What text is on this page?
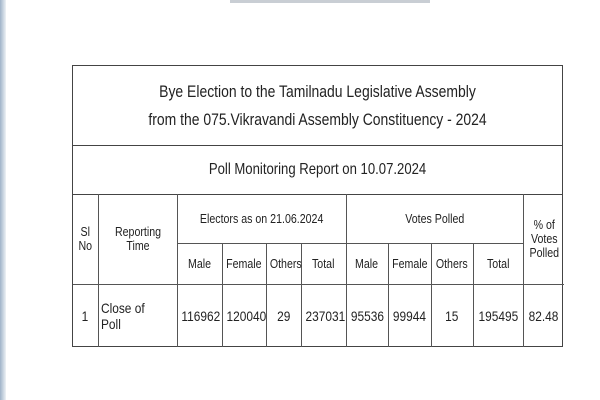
Bye Election to the Tamilnadu Legislative Assembly
from the 075.Vikravandi Assembly Constituency - 2024
Poll Monitoring Report on 10.07.2024
Sl No	Reporting Time	Electors as on 21.06.2024				Votes Polled				% of Votes Polled
		Male	Female	Others	Total	Male	Female	Others	Total	
1	Close of Poll	116962	120040	29	237031	95536	99944	15	195495	82.48
